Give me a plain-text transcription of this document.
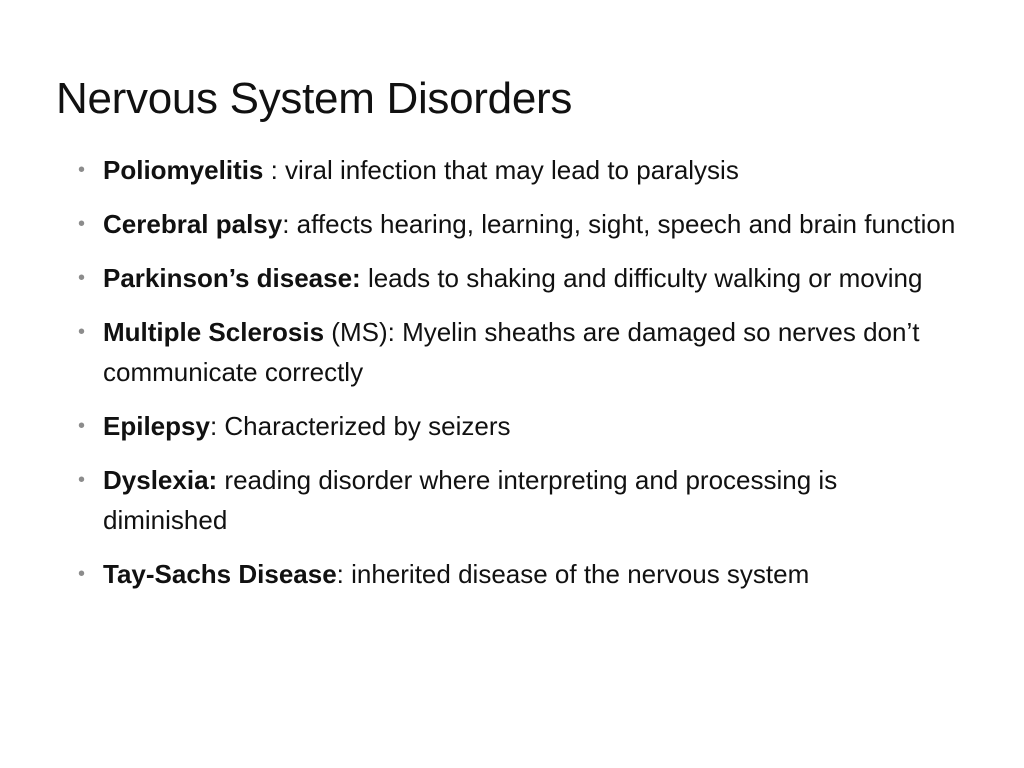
Nervous System Disorders
• Poliomyelitis : viral infection that may lead to paralysis
• Cerebral palsy: affects hearing, learning, sight, speech and brain function
• Parkinson’s disease: leads to shaking and difficulty walking or moving
• Multiple Sclerosis (MS): Myelin sheaths are damaged so nerves don’t communicate correctly
• Epilepsy: Characterized by seizers
• Dyslexia: reading disorder where interpreting and processing is diminished
• Tay-Sachs Disease: inherited disease of the nervous system
